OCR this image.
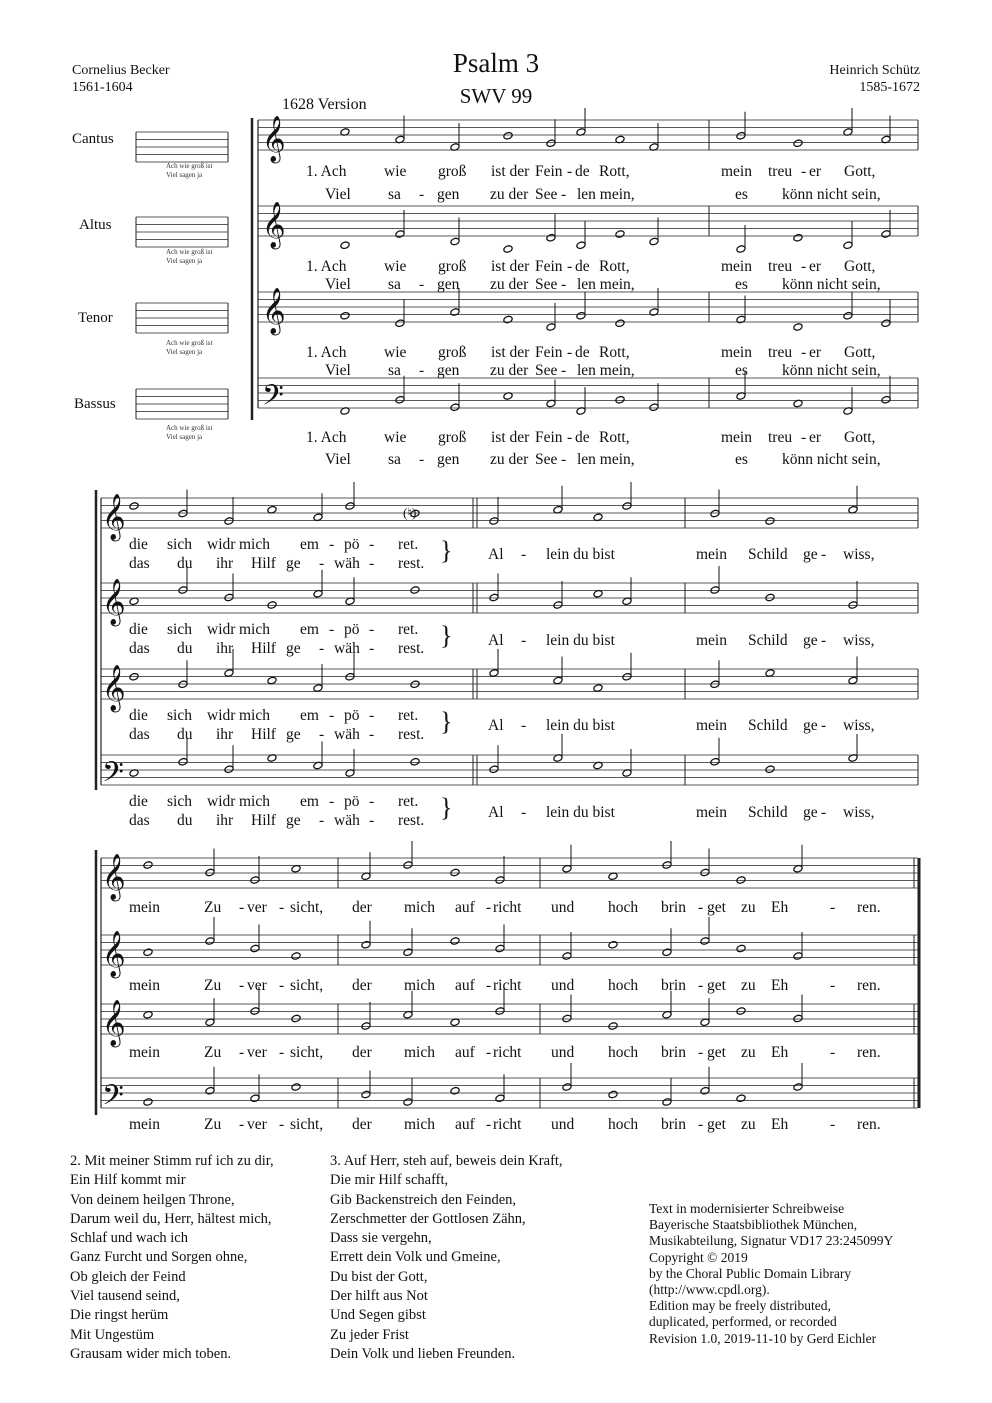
Psalm 3
SWV 99
Cornelius Becker
1561-1604
Heinrich Schütz
1585-1672
1628 Version
Cantus
Altus
Tenor
Bassus
Ach wie groß ist
Viel sagen ja
Ach wie groß ist
Viel sagen ja
Ach wie groß ist
Viel sagen ja
Ach wie groß ist
Viel sagen ja
𝄞
𝄞
𝄞
𝄢
𝄞
𝄞
𝄞
𝄢
𝄞
𝄞
𝄞
𝄢
(♮)
1. Ach wie groß ist der Fein - de Rott,	mein treu - er Gott,
Viel sa - gen zu der See - len mein,	es könn nicht sein,
1. Ach wie groß ist der Fein - de Rott,	mein treu - er Gott,
Viel sa - gen zu der See - len mein,	es könn nicht sein,
1. Ach wie groß ist der Fein - de Rott,	mein treu - er Gott,
Viel sa - gen zu der See - len mein,	es könn nicht sein,
1. Ach wie groß ist der Fein - de Rott,	mein treu - er Gott,
Viel sa - gen zu der See - len mein,	es könn nicht sein,
die sich widr mich em - pö - ret.
das du ihr Hilf ge - wäh - rest.
Al - lein du bist	mein Schild ge - wiss,
}
die sich widr mich em - pö - ret.
das du ihr Hilf ge - wäh - rest.	Al - lein du bist	mein Schild ge - wiss,
}
die sich widr mich em - pö - ret.
das du ihr Hilf ge - wäh - rest.
Al - lein du bist	mein Schild ge - wiss,
}
die sich widr mich em - pö - ret.
das du ihr Hilf ge - wäh - rest.	Al - lein du bist	mein Schild ge - wiss,
}
mein	Zu - ver - sicht, der mich auf - richt und hoch brin - get zu Eh	- ren.
mein	Zu - ver - sicht, der mich auf - richt und hoch brin - get zu Eh	- ren.
mein	Zu - ver - sicht, der mich auf - richt und hoch brin - get zu Eh	- ren.
mein	Zu - ver - sicht, der mich auf - richt und hoch brin - get zu Eh	- ren.
2. Mit meiner Stimm ruf ich zu dir,
Ein Hilf kommt mir
Von deinem heilgen Throne,
Darum weil du, Herr, hältest mich,
Schlaf und wach ich
Ganz Furcht und Sorgen ohne,
Ob gleich der Feind
Viel tausend seind,
Die ringst herüm
Mit Ungestüm
Grausam wider mich toben.
3. Auf Herr, steh auf, beweis dein Kraft,
Die mir Hilf schafft,
Gib Backenstreich den Feinden,
Zerschmetter der Gottlosen Zähn,
Dass sie vergehn,
Errett dein Volk und Gmeine,
Du bist der Gott,
Der hilft aus Not
Und Segen gibst
Zu jeder Frist
Dein Volk und lieben Freunden.
Text in modernisierter Schreibweise
Bayerische Staatsbibliothek München,
Musikabteilung, Signatur VD17 23:245099Y
Copyright © 2019
by the Choral Public Domain Library
(http://www.cpdl.org).
Edition may be freely distributed,
duplicated, performed, or recorded
Revision 1.0, 2019-11-10 by Gerd Eichler
